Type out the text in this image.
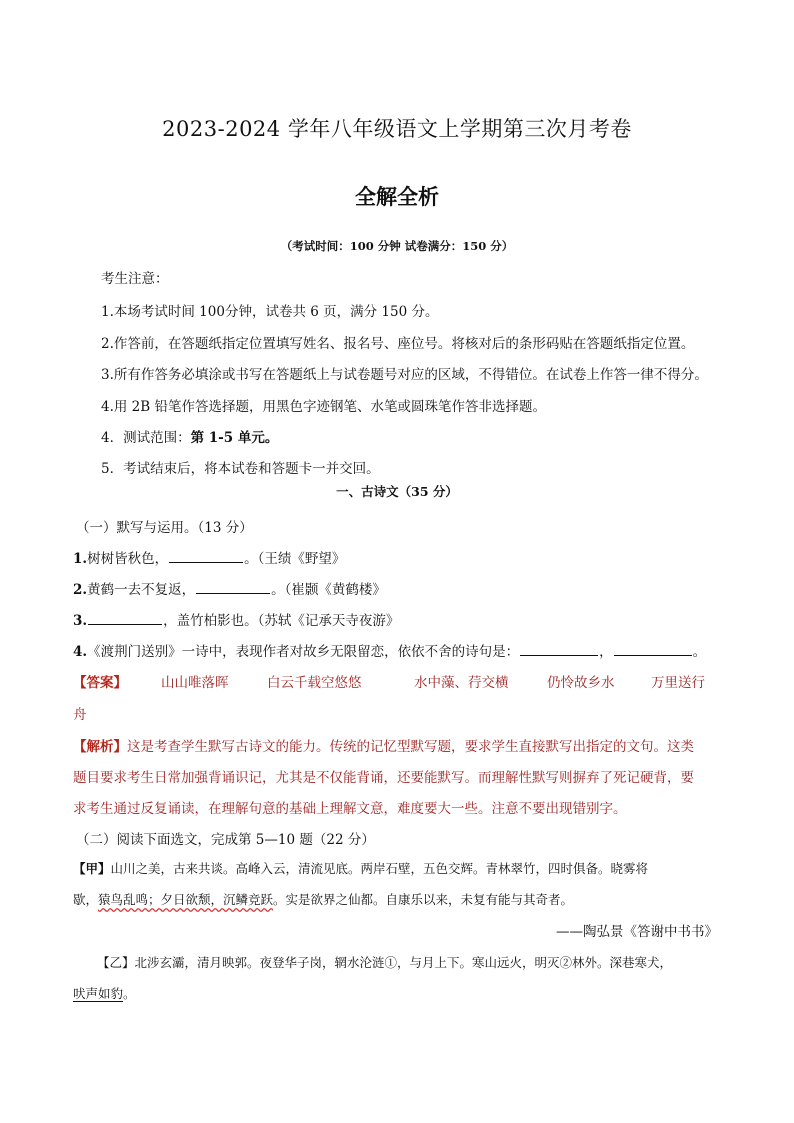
2023-2024 学年八年级语文上学期第三次月考卷
全解全析
（考试时间：100 分钟 试卷满分：150 分）
考生注意：
1.本场考试时间 100分钟，试卷共 6 页，满分 150 分。
2.作答前，在答题纸指定位置填写姓名、报名号、座位号。将核对后的条形码贴在答题纸指定位置。
3.所有作答务必填涂或书写在答题纸上与试卷题号对应的区域，不得错位。在试卷上作答一律不得分。
4.用 2B 铅笔作答选择题，用黑色字迹钢笔、水笔或圆珠笔作答非选择题。
4．测试范围：第 1-5 单元。
5．考试结束后，将本试卷和答题卡一并交回。
一、古诗文（35 分）
（一）默写与运用。（13 分）
1.树树皆秋色，	。（王绩《野望》
2.黄鹤一去不复返，	。（崔颢《黄鹤楼》
3.	，盖竹柏影也。（苏轼《记承天寺夜游》
4.《渡荆门送别》一诗中，表现作者对故乡无限留恋，依依不舍的诗句是：	，	。
【答案】	山山唯落晖	白云千载空悠悠	水中藻、荇交横	仍怜故乡水	万里送行
舟
【解析】这是考查学生默写古诗文的能力。传统的记忆型默写题，要求学生直接默写出指定的文句。这类
题目要求考生日常加强背诵识记，尤其是不仅能背诵，还要能默写。而理解性默写则摒弃了死记硬背，要
求考生通过反复诵读，在理解句意的基础上理解文意，难度要大一些。注意不要出现错别字。
（二）阅读下面选文，完成第 5—10 题（22 分）
【甲】山川之美，古来共谈。高峰入云，清流见底。两岸石壁，五色交辉。青林翠竹，四时俱备。晓雾将
歇，猿鸟乱鸣；夕日欲颓，沉鳞竞跃。实是欲界之仙都。自康乐以来，未复有能与其奇者。
——陶弘景《答谢中书书》
【乙】北涉玄灞，清月映郭。夜登华子岗，辋水沦涟①，与月上下。寒山远火，明灭②林外。深巷寒犬，
吠声如豹。
